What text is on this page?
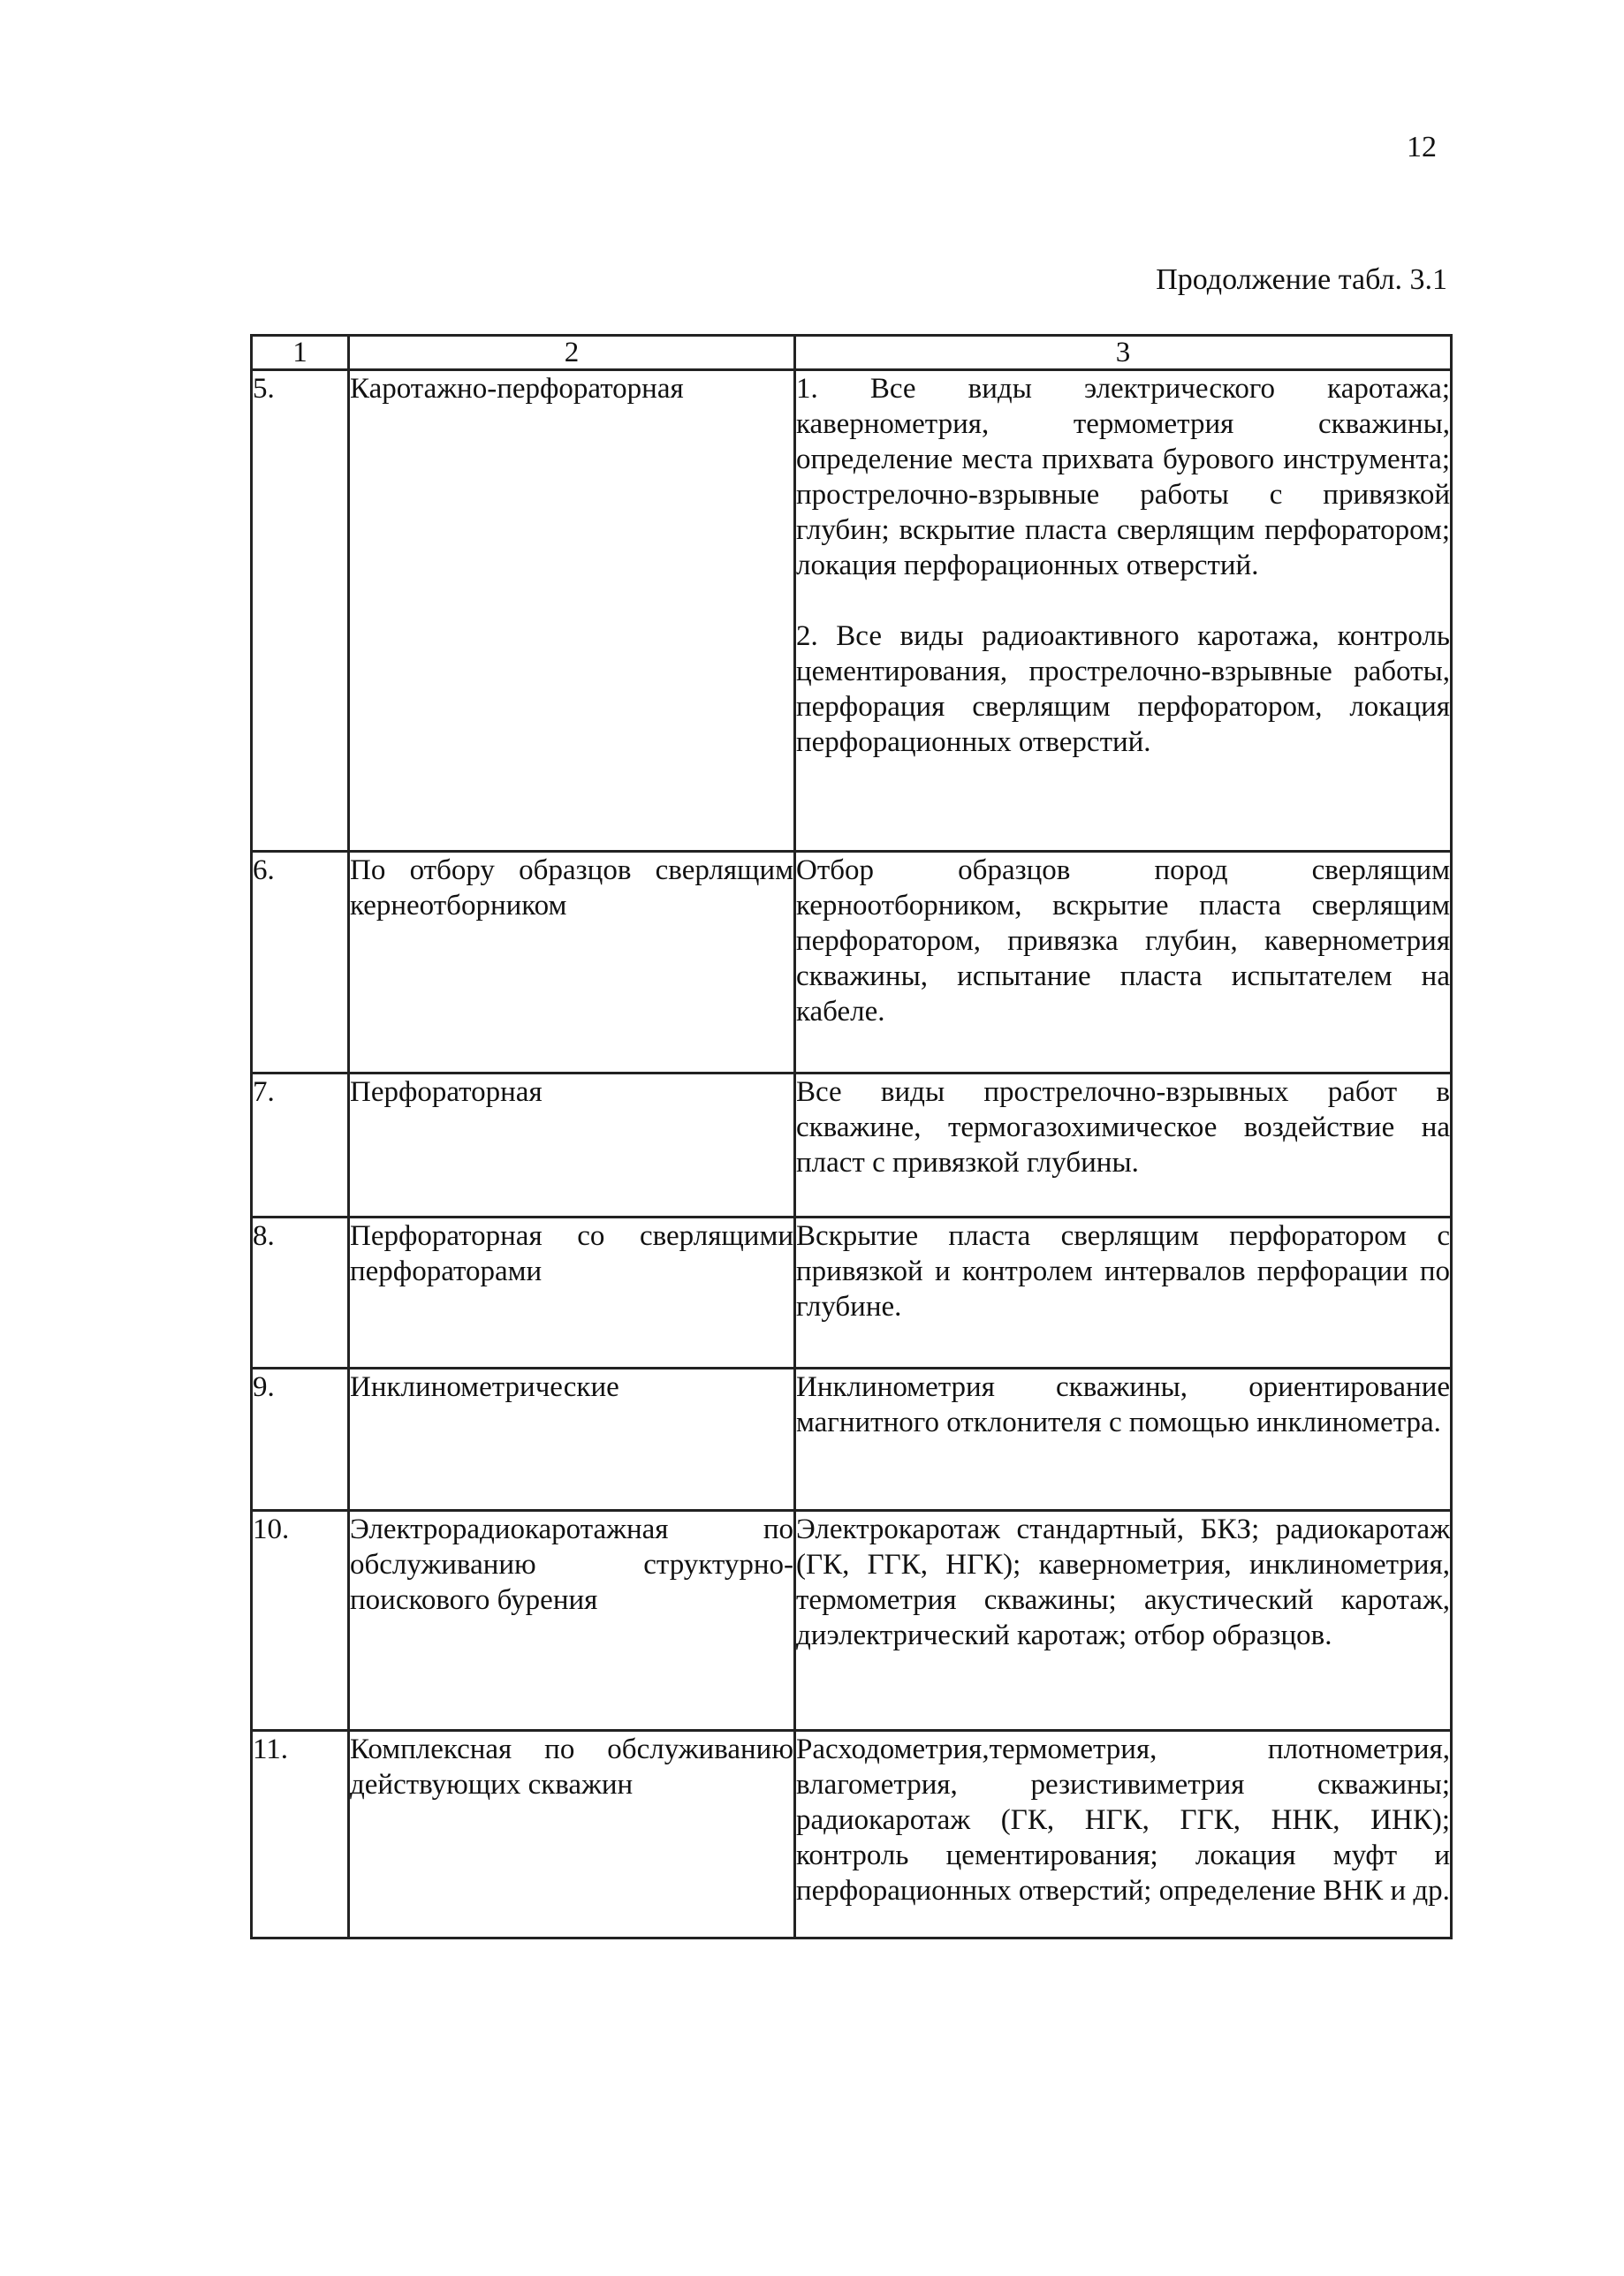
12
Продолжение табл. 3.1
1	2	3
5.	Каротажно-перфораторная	1. Все виды электрического каротажа; кавернометрия, термометрия скважины, определение места прихвата бурового инструмента; прострелочно-взрывные работы с привязкой глубин; вскрытие пласта сверлящим перфоратором; локация перфорационных отверстий.

2. Все виды радиоактивного каротажа, контроль цементирования, прострелочно-взрывные работы, перфорация сверлящим перфоратором, локация перфорационных отверстий.

6.	По отбору образцов сверлящим кернеотборником	Отбор образцов пород сверлящим керноотборником, вскрытие пласта сверлящим перфоратором, привязка глубин, кавернометрия скважины, испытание пласта испытателем на кабеле.

7.	Перфораторная	Все виды прострелочно-взрывных работ в скважине, термогазохимическое воздействие на пласт с привязкой глубины.

8.	Перфораторная со сверлящими перфораторами	Вскрытие пласта сверлящим перфоратором с привязкой и контролем интервалов перфорации по глубине.

9.	Инклинометрические	Инклинометрия скважины, ориентирование магнитного отклонителя с помощью инклинометра.

10.	Электрорадиокаротажная по обслуживанию структурно-поискового бурения	Электрокаротаж стандартный, БКЗ; радиокаротаж (ГК, ГГК, НГК); кавернометрия, инклинометрия, термометрия скважины; акустический каротаж, диэлектрический каротаж; отбор образцов.

11.	Комплексная по обслуживанию действующих скважин	Расходометрия,термометрия, плотнометрия, влагометрия, резистивиметрия скважины; радиокаротаж (ГК, НГК, ГГК, ННК, ИНК); контроль цементирования; локация муфт и перфорационных отверстий; определение ВНК и др.
